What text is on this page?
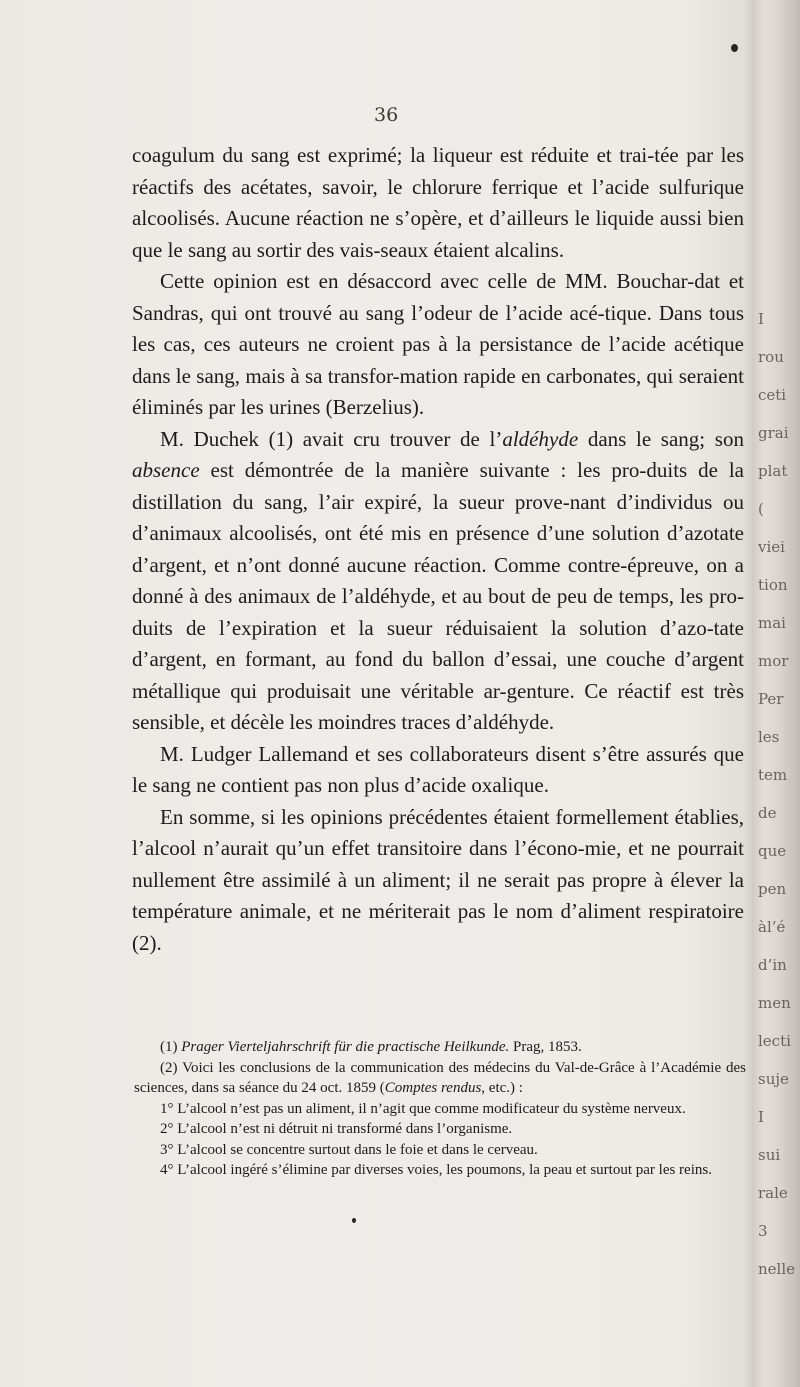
I
rou
ceti
grai
plat
(
viei
tion
mai
mor
Per
les
tem
de
que
pen
àl’é
d’in
men
lecti
suje
I
sui
rale
3
nelle
36

coagulum du sang est exprimé; la liqueur est réduite et trai-tée par les réactifs des acétates, savoir, le chlorure ferrique et l’acide sulfurique alcoolisés. Aucune réaction ne s’opère, et d’ailleurs le liquide aussi bien que le sang au sortir des vais-seaux étaient alcalins.

Cette opinion est en désaccord avec celle de MM. Bouchar-dat et Sandras, qui ont trouvé au sang l’odeur de l’acide acé-tique. Dans tous les cas, ces auteurs ne croient pas à la persistance de l’acide acétique dans le sang, mais à sa transfor-mation rapide en carbonates, qui seraient éliminés par les urines (Berzelius).

M. Duchek (1) avait cru trouver de l’aldéhyde dans le sang; son absence est démontrée de la manière suivante : les pro-duits de la distillation du sang, l’air expiré, la sueur prove-nant d’individus ou d’animaux alcoolisés, ont été mis en présence d’une solution d’azotate d’argent, et n’ont donné aucune réaction. Comme contre-épreuve, on a donné à des animaux de l’aldéhyde, et au bout de peu de temps, les pro-duits de l’expiration et la sueur réduisaient la solution d’azo-tate d’argent, en formant, au fond du ballon d’essai, une couche d’argent métallique qui produisait une véritable ar-genture. Ce réactif est très sensible, et décèle les moindres traces d’aldéhyde.

M. Ludger Lallemand et ses collaborateurs disent s’être assurés que le sang ne contient pas non plus d’acide oxalique.

En somme, si les opinions précédentes étaient formellement établies, l’alcool n’aurait qu’un effet transitoire dans l’écono-mie, et ne pourrait nullement être assimilé à un aliment; il ne serait pas propre à élever la température animale, et ne mériterait pas le nom d’aliment respiratoire (2).

(1) Prager Vierteljahrschrift für die practische Heilkunde. Prag, 1853.

(2) Voici les conclusions de la communication des médecins du Val-de-Grâce à l’Académie des sciences, dans sa séance du 24 oct. 1859 (Comptes rendus, etc.) :

1° L’alcool n’est pas un aliment, il n’agit que comme modificateur du système nerveux.

2° L’alcool n’est ni détruit ni transformé dans l’organisme.

3° L’alcool se concentre surtout dans le foie et dans le cerveau.

4° L’alcool ingéré s’élimine par diverses voies, les poumons, la peau et surtout par les reins.
